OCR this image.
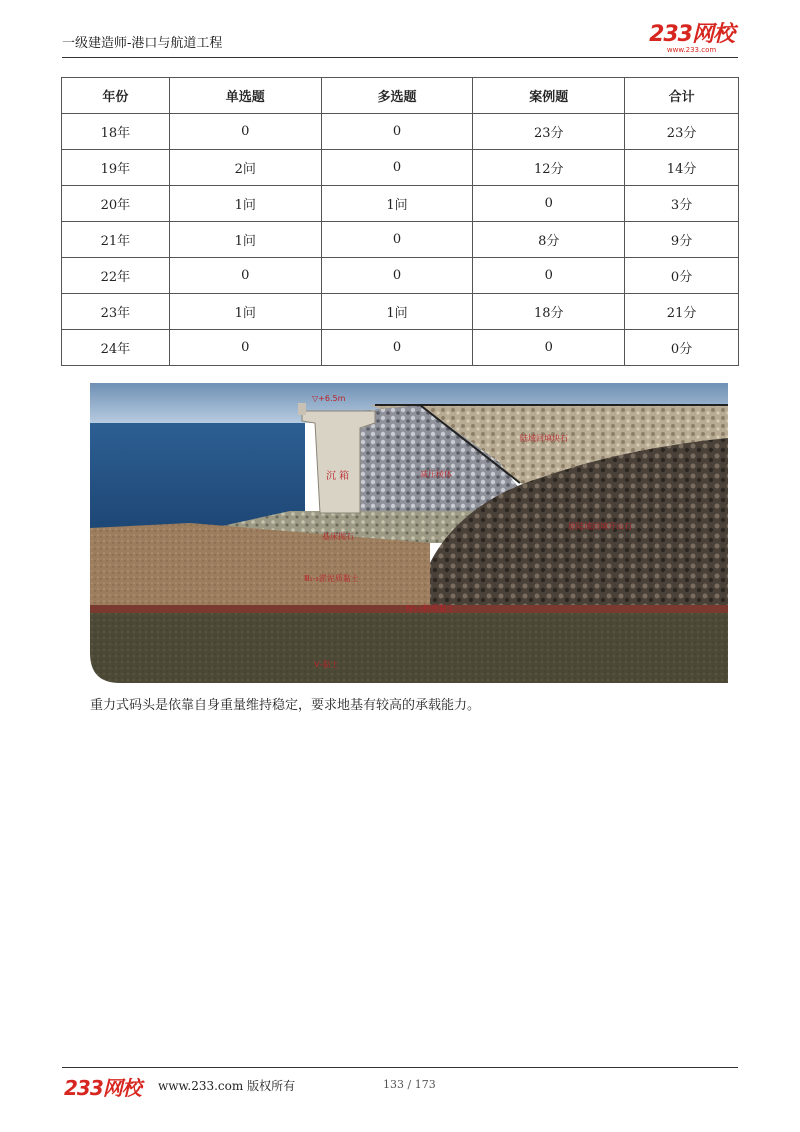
一级建造师-港口与航道工程	233网校
www.233.com
年份	单选题	多选题	案例题	合计
18年	0	0	23分	23分
19年	2问	0	12分	14分
20年	1问	1问	0	3分
21年	1问	0	8分	9分
22年	0	0	0	0分
23年	1问	1问	18分	21分
24年	0	0	0	0分
▽+6.5m
沉 箱	减压棱体
陆域回填块石
基床抛石
原陆域回填开山石
Ⅲ₁-₂淤泥质黏土
Ⅳ₁-₂粉质黏土
Ⅴ-黏土
重力式码头是依靠自身重量维持稳定，要求地基有较高的承载能力。
233网校 www.233.com 版权所有	133 / 173
